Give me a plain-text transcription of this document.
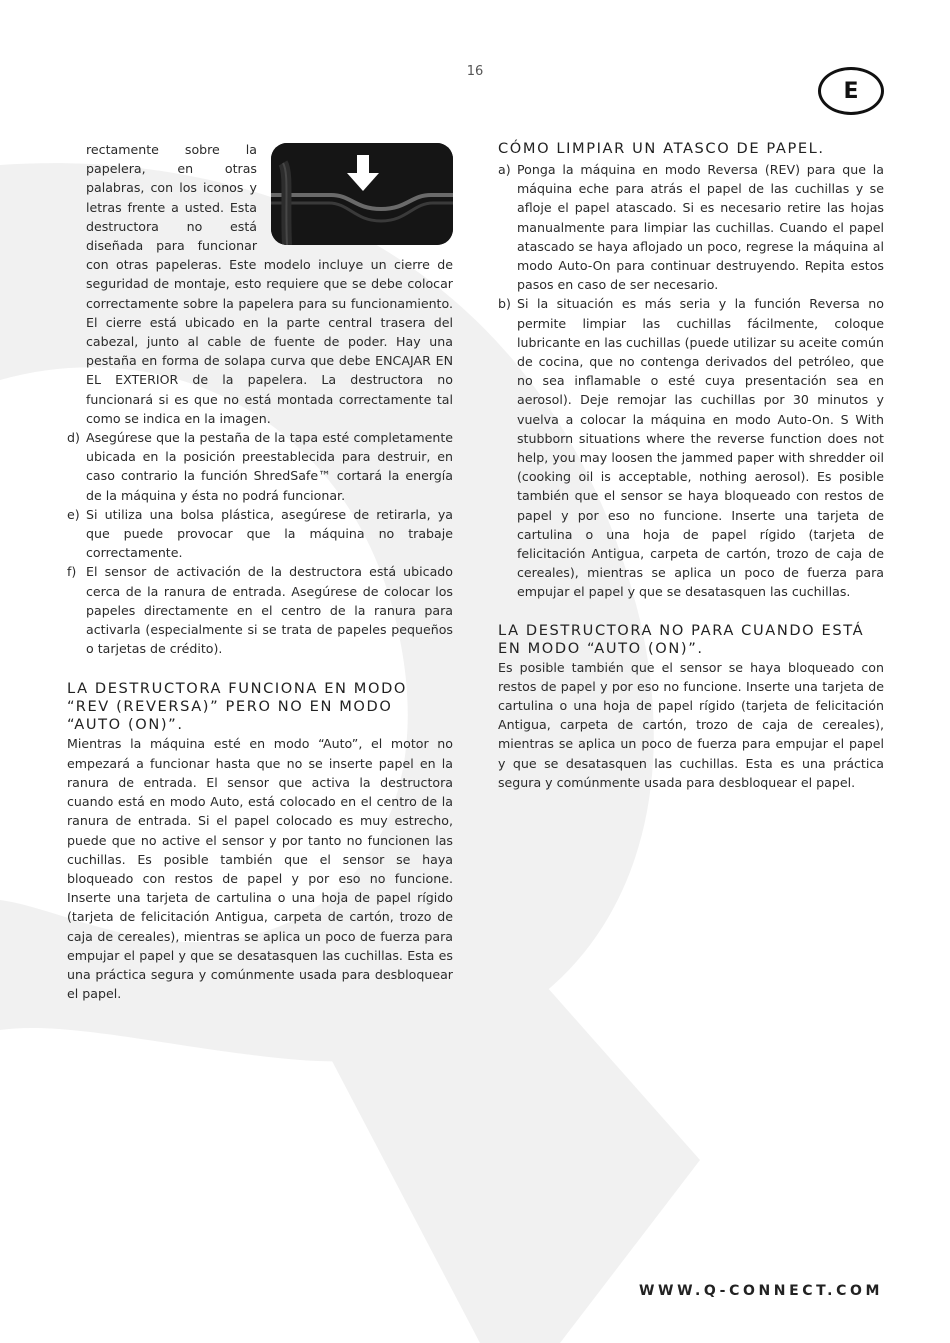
16
E

rectamente sobre la papelera, en otras palabras, con los iconos y letras frente a usted. Esta destructora no está diseñada para funcionar con otras papeleras. Este modelo incluye un cierre de seguridad de montaje, esto requiere que se debe colocar correctamente sobre la papelera para su funcionamiento. El cierre está ubicado en la parte central trasera del cabezal, junto al cable de fuente de poder. Hay una pestaña en forma de solapa curva que debe ENCAJAR EN EL EXTERIOR de la papelera. La destructora no funcionará si es que no está montada correctamente tal como se indica en la imagen.

d) Asegúrese que la pestaña de la tapa esté completamente ubicada en la posición preestablecida para destruir, en caso contrario la función ShredSafe™ cortará la energía de la máquina y ésta no podrá funcionar.
e) Si utiliza una bolsa plástica, asegúrese de retirarla, ya que puede provocar que la máquina no trabaje correctamente.
f) El sensor de activación de la destructora está ubicado cerca de la ranura de entrada. Asegúrese de colocar los papeles directamente en el centro de la ranura para activarla (especialmente si se trata de papeles pequeños o tarjetas de crédito).
LA DESTRUCTORA FUNCIONA EN MODO “REV (REVERSA)” PERO NO EN MODO “AUTO (ON)”.

Mientras la máquina esté en modo “Auto”, el motor no empezará a funcionar hasta que no se inserte papel en la ranura de entrada. El sensor que activa la destructora cuando está en modo Auto, está colocado en el centro de la ranura de entrada. Si el papel colocado es muy estrecho, puede que no active el sensor y por tanto no funcionen las cuchillas. Es posible también que el sensor se haya bloqueado con restos de papel y por eso no funcione. Inserte una tarjeta de cartulina o una hoja de papel rígido (tarjeta de felicitación Antigua, carpeta de cartón, trozo de caja de cereales), mientras se aplica un poco de fuerza para empujar el papel y que se desatasquen las cuchillas. Esta es una práctica segura y comúnmente usada para desbloquear el papel.

CÓMO LIMPIAR UN ATASCO DE PAPEL.
a) Ponga la máquina en modo Reversa (REV) para que la máquina eche para atrás el papel de las cuchillas y se afloje el papel atascado. Si es necesario retire las hojas manualmente para limpiar las cuchillas. Cuando el papel atascado se haya aflojado un poco, regrese la máquina al modo Auto-On para continuar destruyendo. Repita estos pasos en caso de ser necesario.
b) Si la situación es más seria y la función Reversa no permite limpiar las cuchillas fácilmente, coloque lubricante en las cuchillas (puede utilizar su aceite común de cocina, que no contenga derivados del petróleo, que no sea inflamable o esté cuya presentación sea en aerosol). Deje remojar las cuchillas por 30 minutos y vuelva a colocar la máquina en modo Auto-On. S With stubborn situations where the reverse function does not help, you may loosen the jammed paper with shredder oil (cooking oil is acceptable, nothing aerosol). Es posible también que el sensor se haya bloqueado con restos de papel y por eso no funcione. Inserte una tarjeta de cartulina o una hoja de papel rígido (tarjeta de felicitación Antigua, carpeta de cartón, trozo de caja de cereales), mientras se aplica un poco de fuerza para empujar el papel y que se desatasquen las cuchillas.
LA DESTRUCTORA NO PARA CUANDO ESTÁ EN MODO “AUTO (ON)”.

Es posible también que el sensor se haya bloqueado con restos de papel y por eso no funcione. Inserte una tarjeta de cartulina o una hoja de papel rígido (tarjeta de felicitación Antigua, carpeta de cartón, trozo de caja de cereales), mientras se aplica un poco de fuerza para empujar el papel y que se desatasquen las cuchillas. Esta es una práctica segura y comúnmente usada para desbloquear el papel.

WWW.Q-CONNECT.COM
